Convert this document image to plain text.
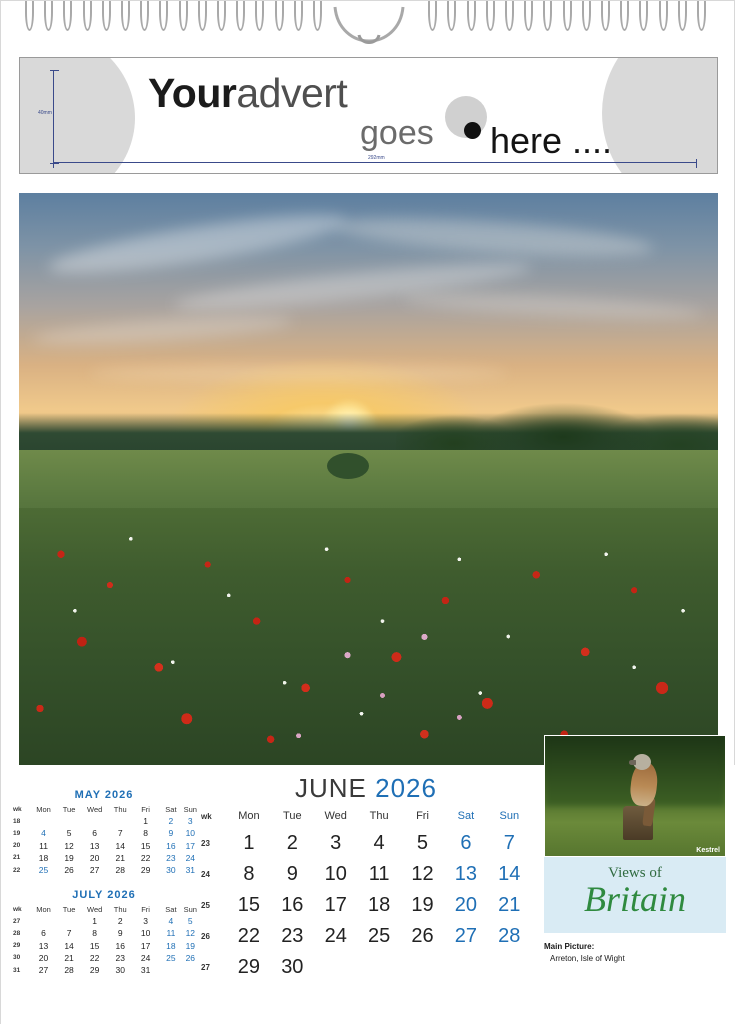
Youradvert
goes here ....
40mm
292mm
MAY 2026
wk	Mon	Tue	Wed	Thu	Fri	Sat	Sun
18					1	2	3
19	4	5	6	7	8	9	10
20	11	12	13	14	15	16	17
21	18	19	20	21	22	23	24
22	25	26	27	28	29	30	31
JULY 2026
wk	Mon	Tue	Wed	Thu	Fri	Sat	Sun
27			1	2	3	4	5
28	6	7	8	9	10	11	12
29	13	14	15	16	17	18	19
30	20	21	22	23	24	25	26
31	27	28	29	30	31		
JUNE 2026
wk	Mon	Tue	Wed	Thu	Fri	Sat	Sun
23	1	2	3	4	5	6	7
24	8	9	10	11	12	13	14
25	15	16	17	18	19	20	21
26	22	23	24	25	26	27	28
27	29	30					
Kestrel
Views of
Britain
Main Picture:
Arreton, Isle of Wight
